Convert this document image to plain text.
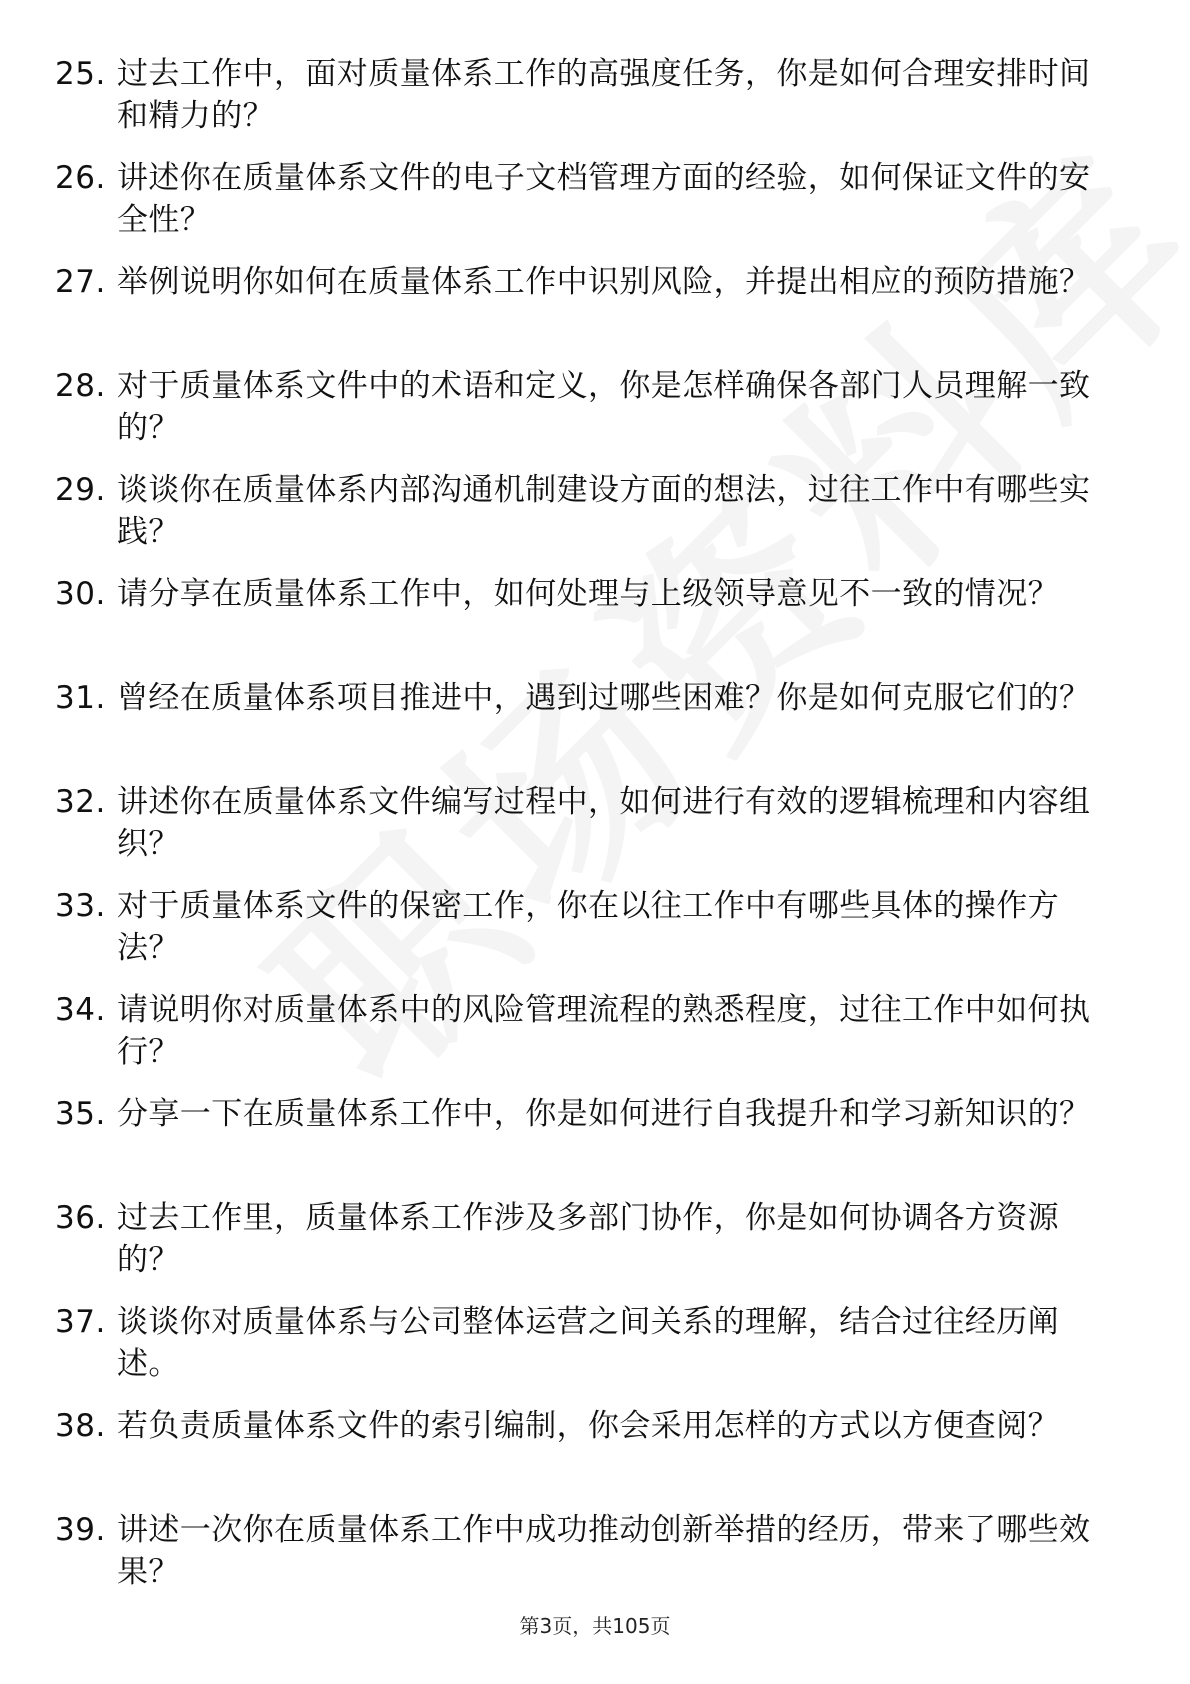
25. 过去工作中，面对质量体系工作的高强度任务，你是如何合理安排时间和精力的？
26. 讲述你在质量体系文件的电子文档管理方面的经验，如何保证文件的安全性？
27. 举例说明你如何在质量体系工作中识别风险，并提出相应的预防措施？
28. 对于质量体系文件中的术语和定义，你是怎样确保各部门人员理解一致的？
29. 谈谈你在质量体系内部沟通机制建设方面的想法，过往工作中有哪些实践？
30. 请分享在质量体系工作中，如何处理与上级领导意见不一致的情况？
31. 曾经在质量体系项目推进中，遇到过哪些困难？你是如何克服它们的？
32. 讲述你在质量体系文件编写过程中，如何进行有效的逻辑梳理和内容组织？
33. 对于质量体系文件的保密工作，你在以往工作中有哪些具体的操作方法？
34. 请说明你对质量体系中的风险管理流程的熟悉程度，过往工作中如何执行？
35. 分享一下在质量体系工作中，你是如何进行自我提升和学习新知识的？
36. 过去工作里，质量体系工作涉及多部门协作，你是如何协调各方资源的？
37. 谈谈你对质量体系与公司整体运营之间关系的理解，结合过往经历阐述。
38. 若负责质量体系文件的索引编制，你会采用怎样的方式以方便查阅？
39. 讲述一次你在质量体系工作中成功推动创新举措的经历，带来了哪些效果？
第3页，共105页
